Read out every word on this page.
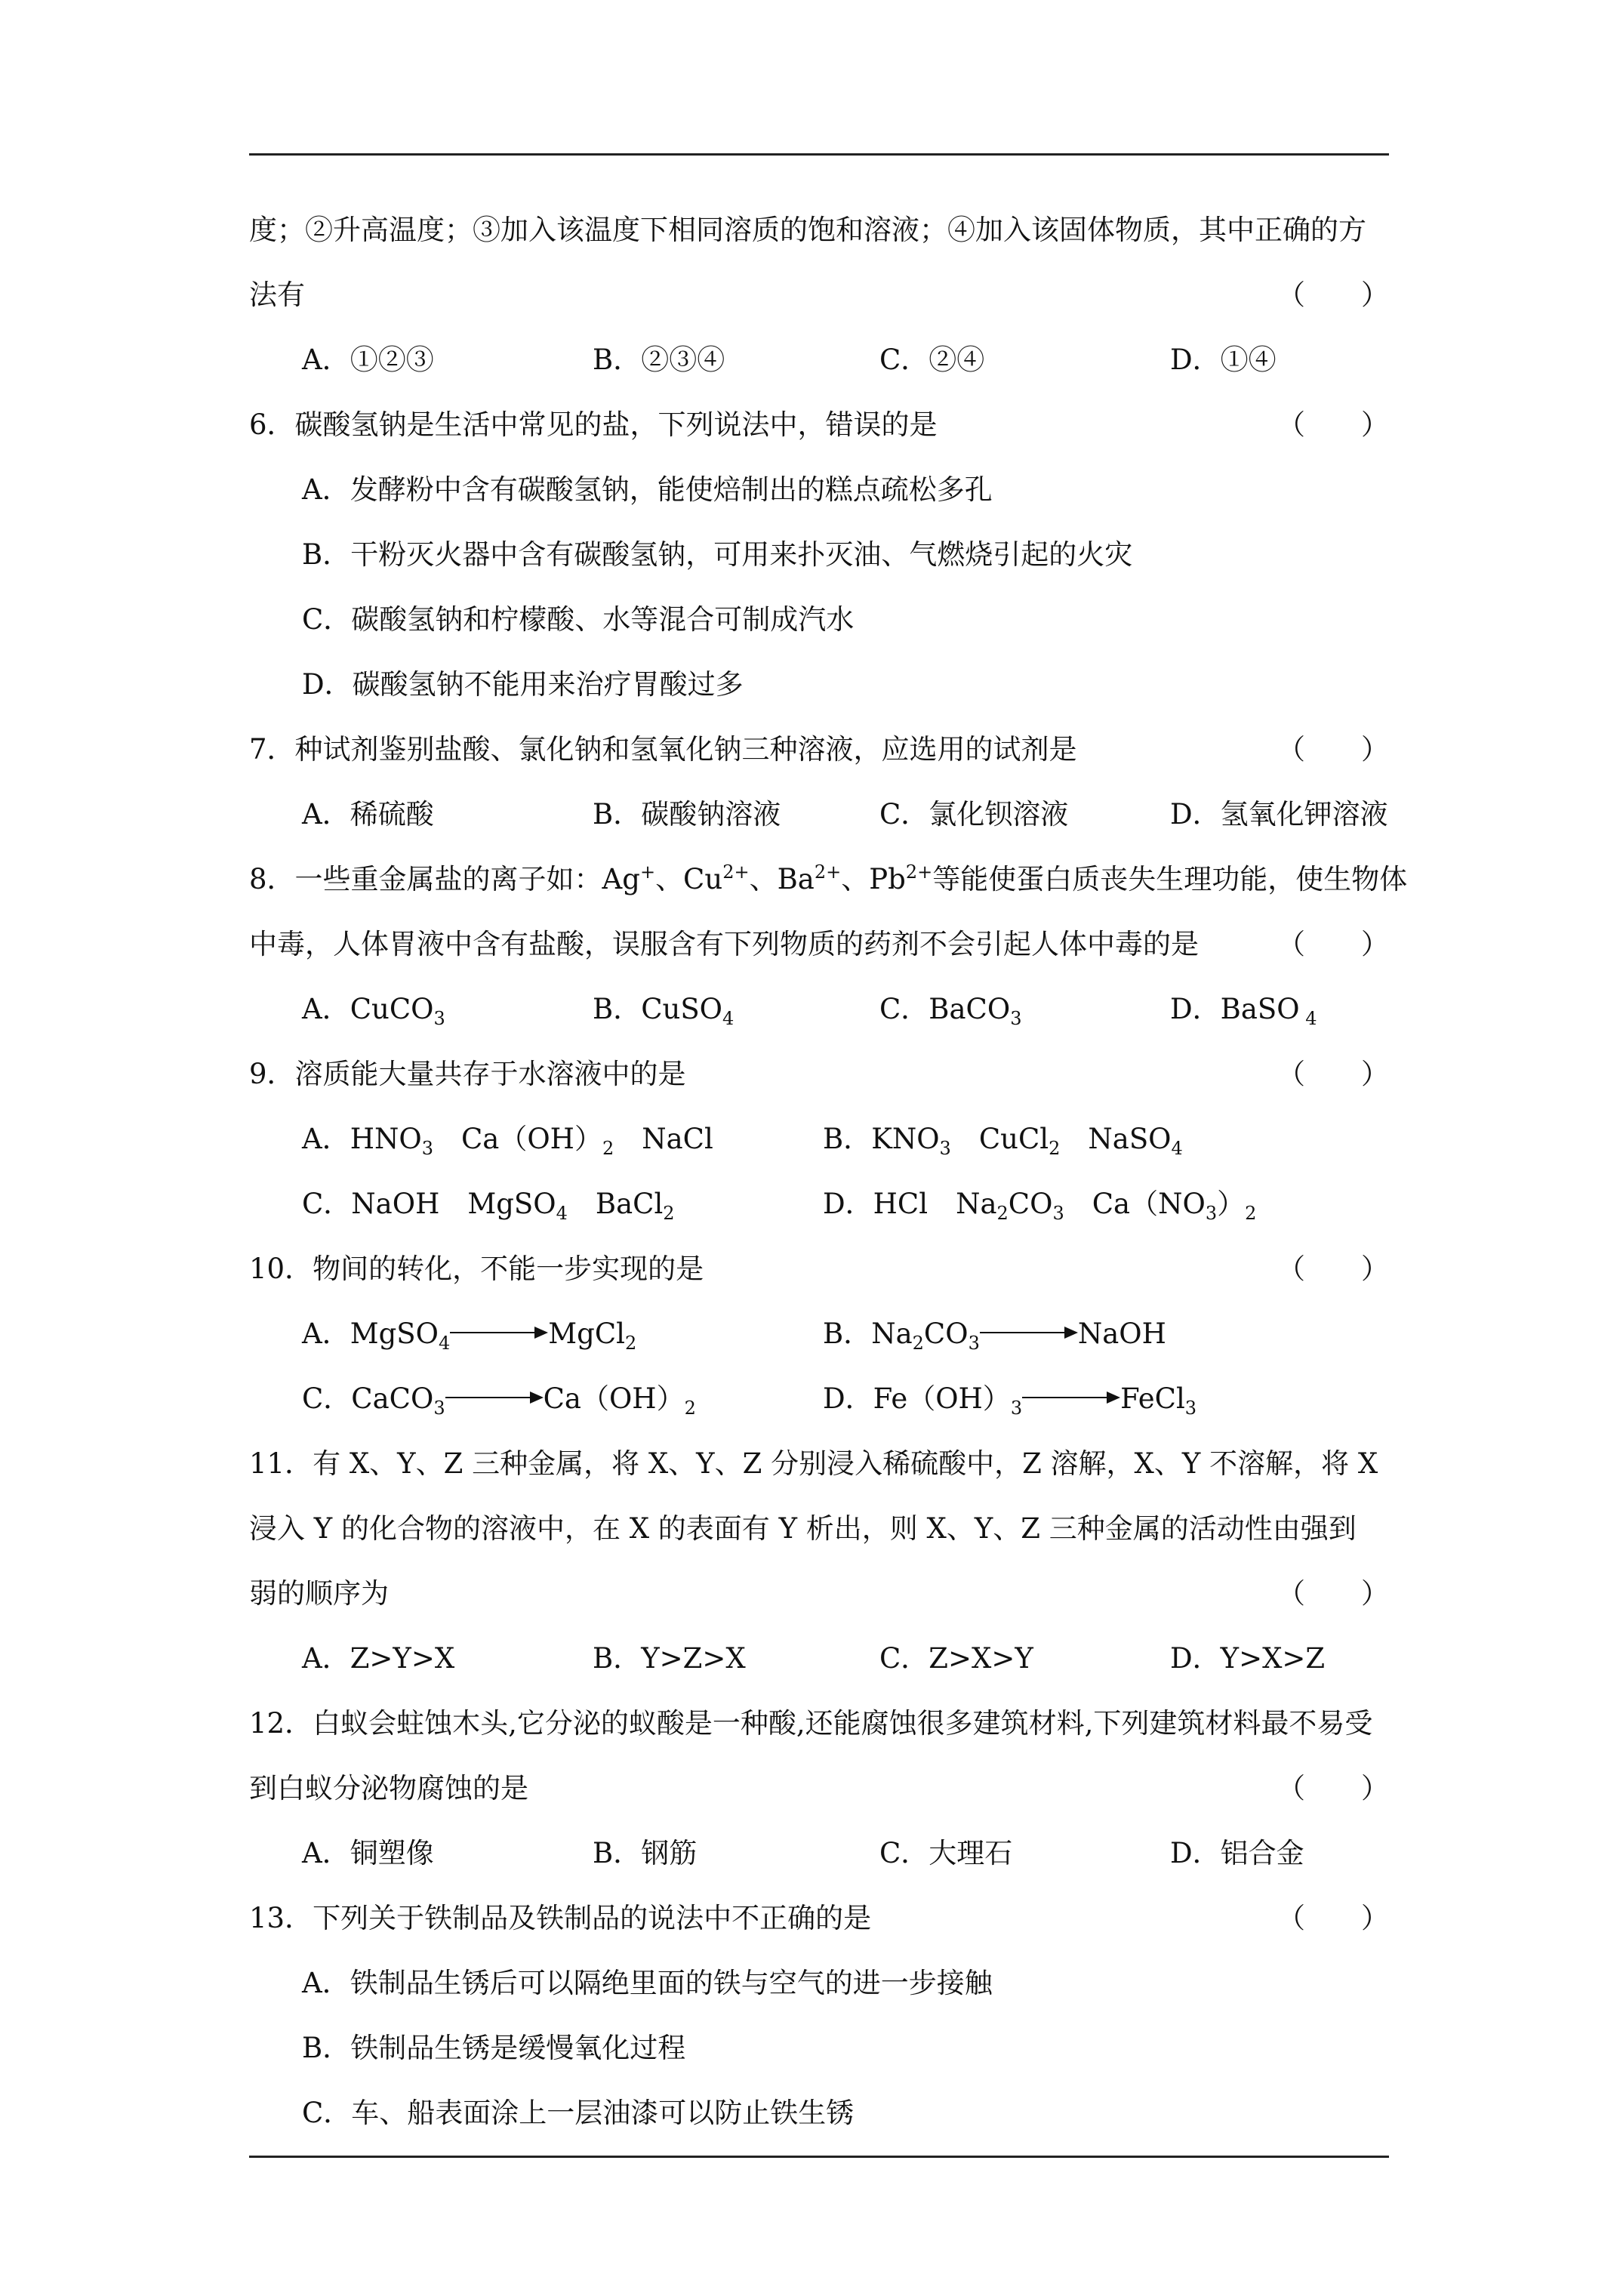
度；②升高温度；③加入该温度下相同溶质的饱和溶液；④加入该固体物质，其中正确的方
法有	（　　）
A．①②③	B．②③④	C．②④	D．①④
6．碳酸氢钠是生活中常见的盐，下列说法中，错误的是	（　　）
A．发酵粉中含有碳酸氢钠，能使焙制出的糕点疏松多孔
B．干粉灭火器中含有碳酸氢钠，可用来扑灭油、气燃烧引起的火灾
C．碳酸氢钠和柠檬酸、水等混合可制成汽水
D．碳酸氢钠不能用来治疗胃酸过多
7．种试剂鉴别盐酸、氯化钠和氢氧化钠三种溶液，应选用的试剂是	（　　）
A．稀硫酸	B．碳酸钠溶液	C．氯化钡溶液	D．氢氧化钾溶液
8．一些重金属盐的离子如：Ag+、$Cu^{2+}$、$Ba^{2+}$、$Pb^{2+}$等能使蛋白质丧失生理功能，使生物体
中毒，人体胃液中含有盐酸，误服含有下列物质的药剂不会引起人体中毒的是	（　　）
A．CuCO$_3$	B．CuSO$_4$	C．BaCO$_3$	D．BaSO $_4$
9．溶质能大量共存于水溶液中的是	（　　）
A．$HNO_3$　$Ca(OH)_2$　NaCl	B．$KNO_3$　CuCl$_2$　NaSO$_4$
C．NaOH　MgSO$_4$　BaCl$_2$	D．HCl　$Na_2CO_3$　$Ca(NO_3)_2$
10．物间的转化，不能一步实现的是	（　　）
A．MgSO$_4$	MgCl$_2$	B．$Na_2CO_3$	NaOH
C．CaCO$_3$	$Ca(OH)_2$	D．$Fe(OH)_3$	FeCl$_3$
11．有 X、Y、Z 三种金属，将 X、Y、Z 分别浸入稀硫酸中，Z 溶解，X、Y 不溶解，将 X
浸入 Y 的化合物的溶液中，在 X 的表面有 Y 析出，则 X、Y、Z 三种金属的活动性由强到
弱的顺序为	（　　）
A．Z>Y>X	B．Y>Z>X	C．Z>X>Y	D．Y>X>Z
12．白蚁会蛀蚀木头,它分泌的蚁酸是一种酸,还能腐蚀很多建筑材料,下列建筑材料最不易受
到白蚁分泌物腐蚀的是	（　　）
A．铜塑像	B．钢筋	C．大理石	D．铝合金
13．下列关于铁制品及铁制品的说法中不正确的是	（　　）
A．铁制品生锈后可以隔绝里面的铁与空气的进一步接触
B．铁制品生锈是缓慢氧化过程
C．车、船表面涂上一层油漆可以防止铁生锈
